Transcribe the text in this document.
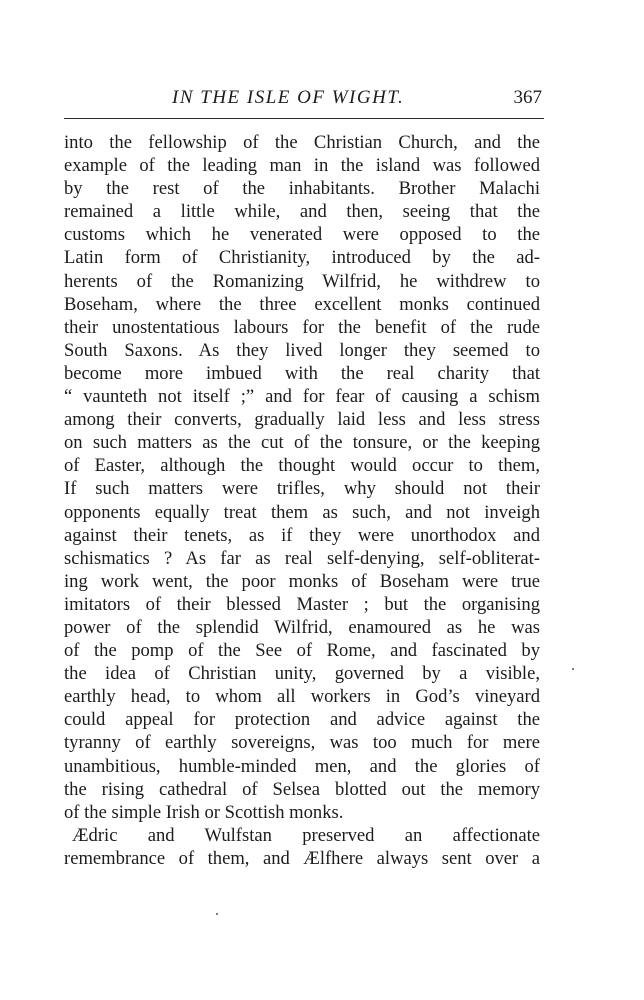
IN THE ISLE OF WIGHT.	367
into the fellowship of the Christian Church, and the
example of the leading man in the island was followed
by the rest of the inhabitants. Brother Malachi
remained a little while, and then, seeing that the
customs which he venerated were opposed to the
Latin form of Christianity, introduced by the ad-
herents of the Romanizing Wilfrid, he withdrew to
Boseham, where the three excellent monks continued
their unostentatious labours for the benefit of the rude
South Saxons. As they lived longer they seemed to
become more imbued with the real charity that
“ vaunteth not itself ;” and for fear of causing a schism
among their converts, gradually laid less and less stress
on such matters as the cut of the tonsure, or the keeping
of Easter, although the thought would occur to them,
If such matters were trifles, why should not their
opponents equally treat them as such, and not inveigh
against their tenets, as if they were unorthodox and
schismatics ? As far as real self-denying, self-obliterat-
ing work went, the poor monks of Boseham were true
imitators of their blessed Master ; but the organising
power of the splendid Wilfrid, enamoured as he was
of the pomp of the See of Rome, and fascinated by
the idea of Christian unity, governed by a visible,
earthly head, to whom all workers in God’s vineyard
could appeal for protection and advice against the
tyranny of earthly sovereigns, was too much for mere
unambitious, humble-minded men, and the glories of
the rising cathedral of Selsea blotted out the memory
of the simple Irish or Scottish monks.
Ædric and Wulfstan preserved an affectionate
remembrance of them, and Ælfhere always sent over a
